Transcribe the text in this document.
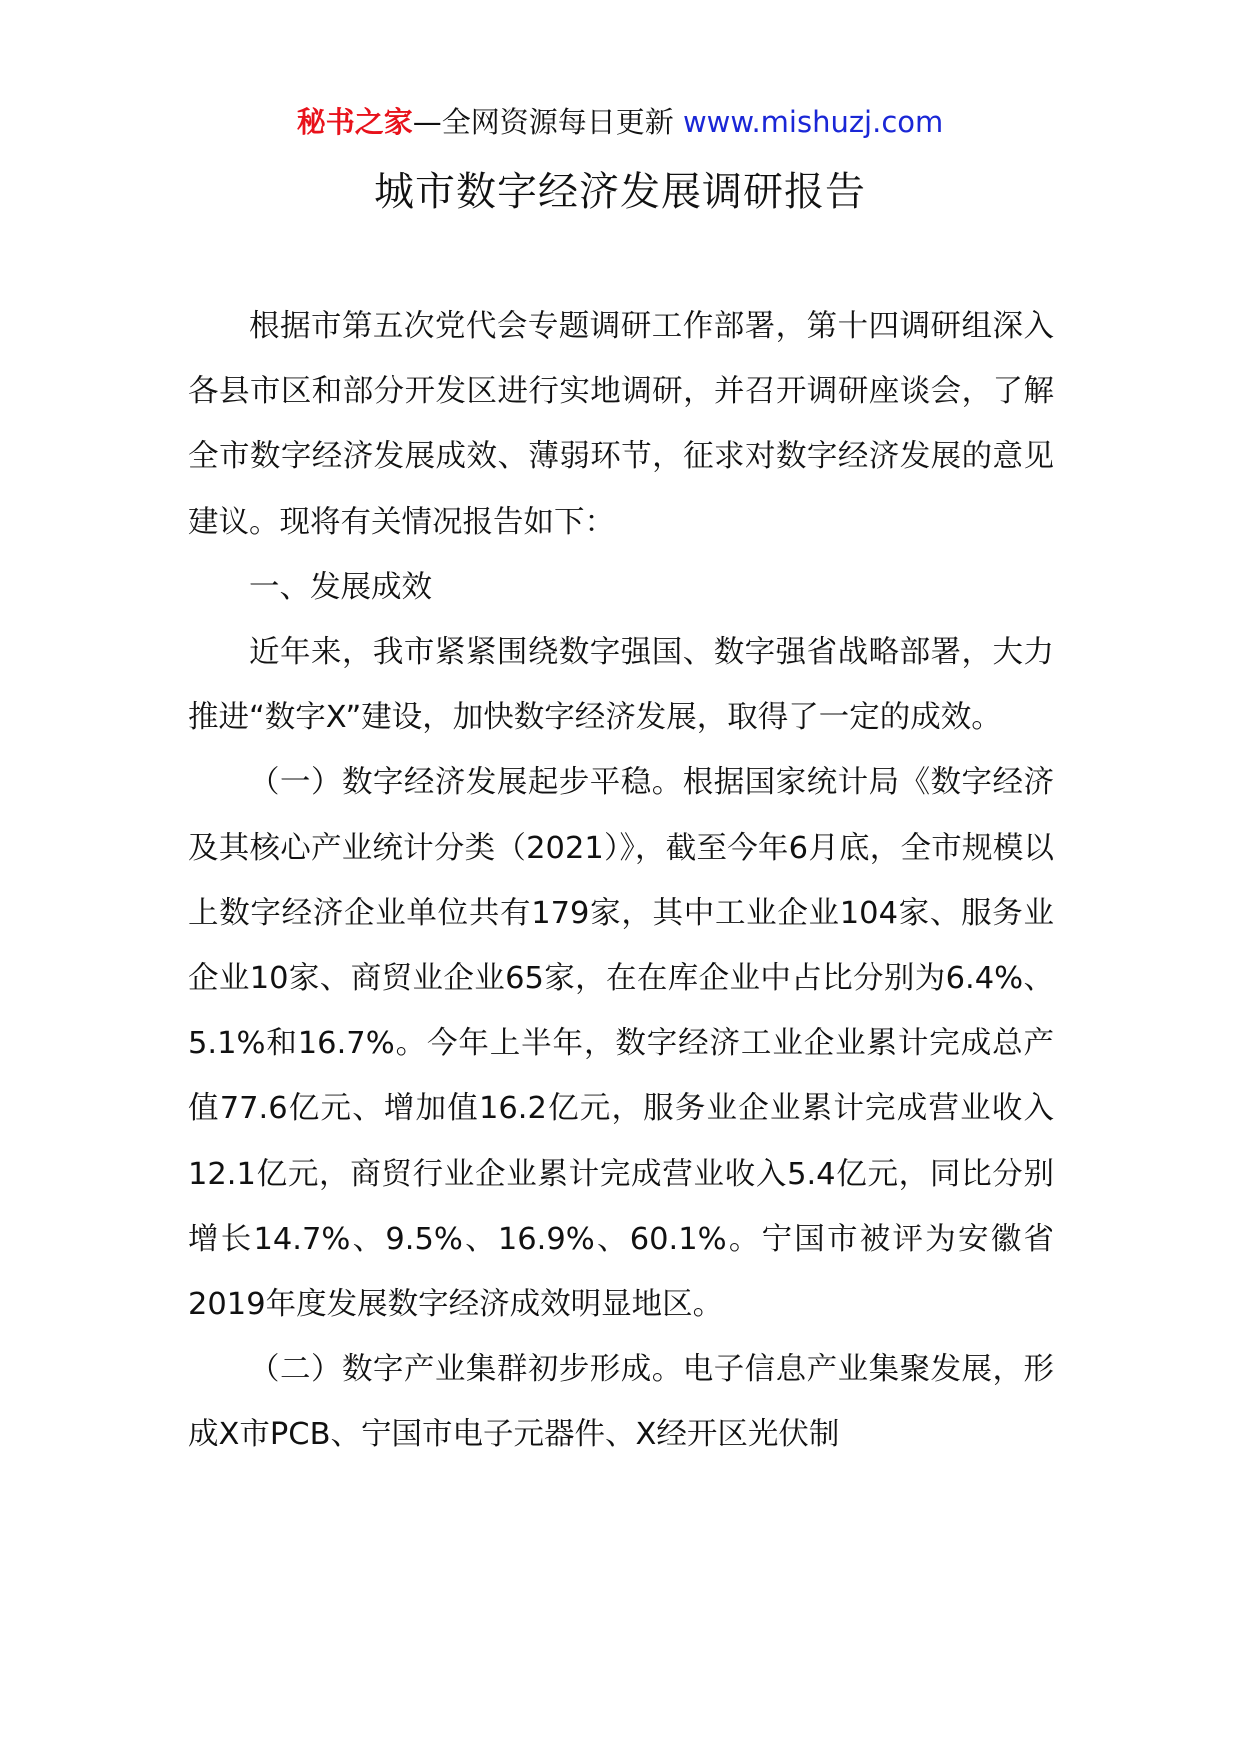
秘书之家—全网资源每日更新 www.mishuzj.com
城市数字经济发展调研报告

根据市第五次党代会专题调研工作部署，第十四调研组深入各县市区和部分开发区进行实地调研，并召开调研座谈会，了解全市数字经济发展成效、薄弱环节，征求对数字经济发展的意见建议。现将有关情况报告如下：

一、发展成效

近年来，我市紧紧围绕数字强国、数字强省战略部署，大力推进“数字X”建设，加快数字经济发展，取得了一定的成效。

（一）数字经济发展起步平稳。根据国家统计局《数字经济及其核心产业统计分类（2021）》，截至今年6月底，全市规模以上数字经济企业单位共有179家，其中工业企业104家、服务业企业10家、商贸业企业65家，在在库企业中占比分别为6.4%、5.1%和16.7%。今年上半年，数字经济工业企业累计完成总产值77.6亿元、增加值16.2亿元，服务业企业累计完成营业收入12.1亿元，商贸行业企业累计完成营业收入5.4亿元，同比分别增长14.7%、9.5%、16.9%、60.1%。宁国市被评为安徽省2019年度发展数字经济成效明显地区。

（二）数字产业集群初步形成。电子信息产业集聚发展，形成X市PCB、宁国市电子元器件、X经开区光伏制
